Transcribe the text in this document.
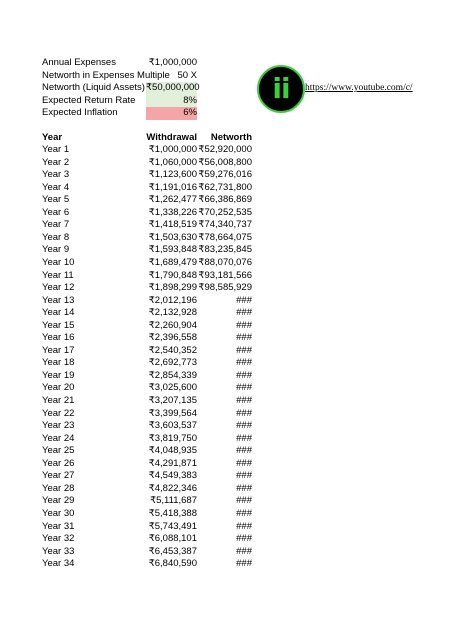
Annual Expenses	₹1,000,000
Networth in Expenses Multiple 50 X
Networth (Liquid Assets) ₹50,000,000
Expected Return Rate	8%
Expected Inflation	6%
ii https://www.youtube.com/c/
Year	Withdrawal	Networth
Year 1	₹1,000,000 ₹52,920,000
Year 2	₹1,060,000 ₹56,008,800
Year 3	₹1,123,600 ₹59,276,016
Year 4	₹1,191,016 ₹62,731,800
Year 5	₹1,262,477 ₹66,386,869
Year 6	₹1,338,226 ₹70,252,535
Year 7	₹1,418,519 ₹74,340,737
Year 8	₹1,503,630 ₹78,664,075
Year 9	₹1,593,848 ₹83,235,845
Year 10	₹1,689,479 ₹88,070,076
Year 11	₹1,790,848 ₹93,181,566
Year 12	₹1,898,299 ₹98,585,929
Year 13	₹2,012,196	###
Year 14	₹2,132,928	###
Year 15	₹2,260,904	###
Year 16	₹2,396,558	###
Year 17	₹2,540,352	###
Year 18	₹2,692,773	###
Year 19	₹2,854,339	###
Year 20	₹3,025,600	###
Year 21	₹3,207,135	###
Year 22	₹3,399,564	###
Year 23	₹3,603,537	###
Year 24	₹3,819,750	###
Year 25	₹4,048,935	###
Year 26	₹4,291,871	###
Year 27	₹4,549,383	###
Year 28	₹4,822,346	###
Year 29	₹5,111,687	###
Year 30	₹5,418,388	###
Year 31	₹5,743,491	###
Year 32	₹6,088,101	###
Year 33	₹6,453,387	###
Year 34	₹6,840,590	###
